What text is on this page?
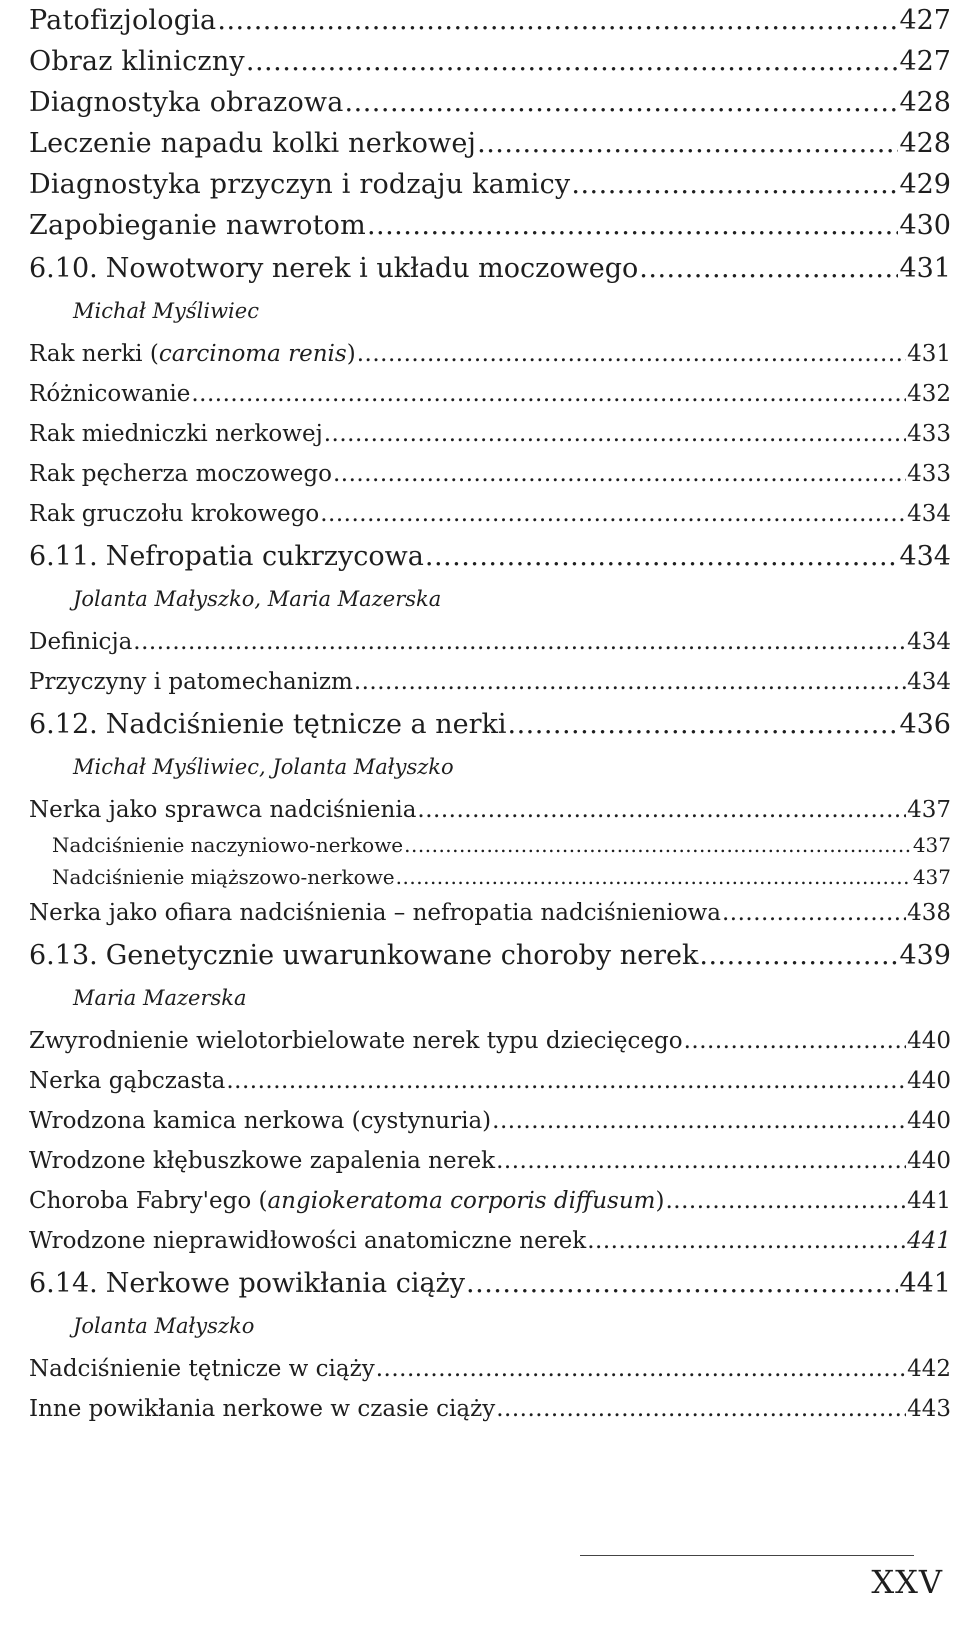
Patofizjologia .....	427
Obraz kliniczny .....	427
Diagnostyka obrazowa .....	428
Leczenie napadu kolki nerkowej .....	428
Diagnostyka przyczyn i rodzaju kamicy .....	429
Zapobieganie nawrotom .....	430
6.10. Nowotwory nerek i układu moczowego .....	431
Michał Myśliwiec
Rak nerki (carcinoma renis) .....	431
Różnicowanie .....	432
Rak miedniczki nerkowej .....	433
Rak pęcherza moczowego .....	433
Rak gruczołu krokowego .....	434
6.11. Nefropatia cukrzycowa .....	434
Jolanta Małyszko, Maria Mazerska
Definicja .....	434
Przyczyny i patomechanizm .....	434
6.12. Nadciśnienie tętnicze a nerki .....	436
Michał Myśliwiec, Jolanta Małyszko
Nerka jako sprawca nadciśnienia .....	437
Nadciśnienie naczyniowo-nerkowe .....	437
Nadciśnienie miąższowo-nerkowe .....	437
Nerka jako ofiara nadciśnienia – nefropatia nadciśnieniowa .....	438
6.13. Genetycznie uwarunkowane choroby nerek .....	439
Maria Mazerska
Zwyrodnienie wielotorbielowate nerek typu dziecięcego .....	440
Nerka gąbczasta .....	440
Wrodzona kamica nerkowa (cystynuria) .....	440
Wrodzone kłębuszkowe zapalenia nerek .....	440
Choroba Fabry'ego (angiokeratoma corporis diffusum) .....	441
Wrodzone nieprawidłowości anatomiczne nerek .....	441
6.14. Nerkowe powikłania ciąży .....	441
Jolanta Małyszko
Nadciśnienie tętnicze w ciąży .....	442
Inne powikłania nerkowe w czasie ciąży .....	443
XXV
